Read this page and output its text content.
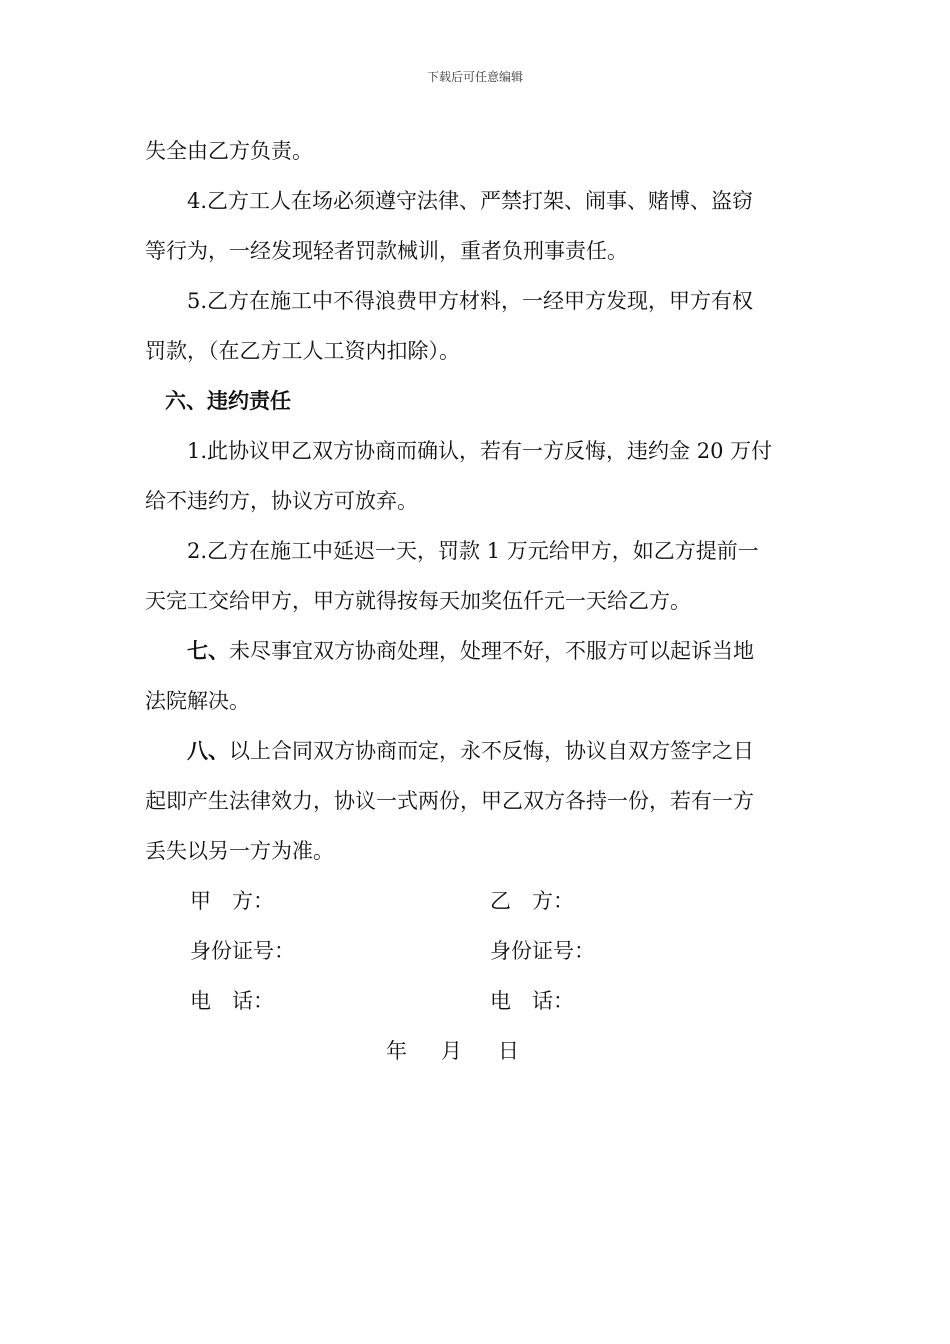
下载后可任意编辑

失全由乙方负责。

4.乙方工人在场必须遵守法律、严禁打架、闹事、赌博、盗窃

等行为，一经发现轻者罚款械训，重者负刑事责任。

5.乙方在施工中不得浪费甲方材料，一经甲方发现，甲方有权

罚款，（在乙方工人工资内扣除）。

六、违约责任

1.此协议甲乙双方协商而确认，若有一方反悔，违约金 20 万付

给不违约方，协议方可放弃。

2.乙方在施工中延迟一天，罚款 1 万元给甲方，如乙方提前一

天完工交给甲方，甲方就得按每天加奖伍仟元一天给乙方。

七、未尽事宜双方协商处理，处理不好，不服方可以起诉当地

法院解决。

八、以上合同双方协商而定，永不反悔，协议自双方签字之日

起即产生法律效力，协议一式两份，甲乙双方各持一份，若有一方

丢失以另一方为准。

甲　方：	乙　方：
身份证号：	身份证号：
电　话：	电　话：
年 月 日
